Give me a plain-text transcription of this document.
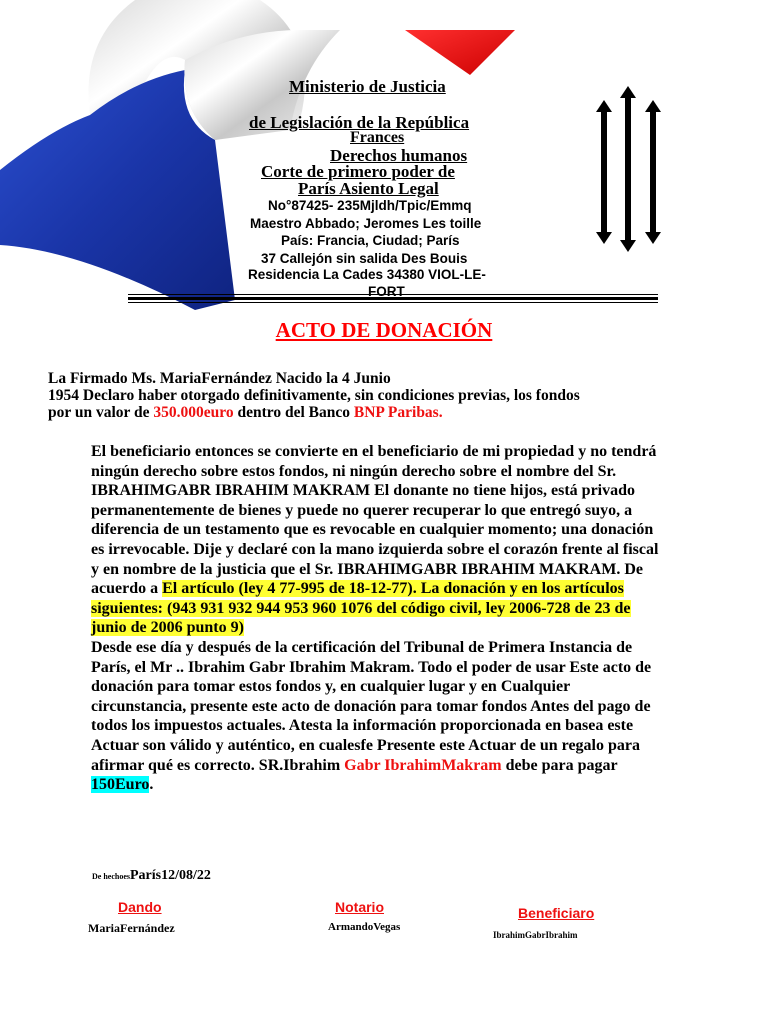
Ministerio de Justicia
de Legislación de la República
Frances
Derechos humanos
Corte de primero poder de
París Asiento Legal
No°87425- 235Mjldh/Tpic/Emmq
Maestro Abbado; Jeromes Les toille
País: Francia, Ciudad; París
37 Callejón sin salida Des Bouis
Residencia La Cades 34380 VIOL-LE-
FORT
ACTO DE DONACIÓN
La Firmado Ms. MariaFernández Nacido la 4 Junio
1954 Declaro haber otorgado definitivamente, sin condiciones previas, los fondos
por un valor de 350.000euro dentro del Banco BNP Paribas.
El beneficiario entonces se convierte en el beneficiario de mi propiedad y no tendrá ningún derecho sobre estos fondos, ni ningún derecho sobre el nombre del Sr. IBRAHIMGABR IBRAHIM MAKRAM El donante no tiene hijos, está privado permanentemente de bienes y puede no querer recuperar lo que entregó suyo, a diferencia de un testamento que es revocable en cualquier momento; una donación es irrevocable. Dije y declaré con la mano izquierda sobre el corazón frente al fiscal y en nombre de la justicia que el Sr. IBRAHIMGABR IBRAHIM MAKRAM. De acuerdo a El artículo (ley 4 77-995 de 18-12-77). La donación y en los artículos siguientes: (943 931 932 944 953 960 1076 del código civil, ley 2006-728 de 23 de junio de 2006 punto 9)
Desde ese día y después de la certificación del Tribunal de Primera Instancia de París, el Mr .. Ibrahim Gabr Ibrahim Makram. Todo el poder de usar Este acto de donación para tomar estos fondos y, en cualquier lugar y en Cualquier circunstancia, presente este acto de donación para tomar fondos Antes del pago de todos los impuestos actuales. Atesta la información proporcionada en basea este Actuar son válido y auténtico, en cualesfe Presente este Actuar de un regalo para afirmar qué es correcto. SR.Ibrahim Gabr IbrahimMakram debe para pagar 150Euro.
De hechoesParís12/08/22
Dando
MariaFernández
Notario
ArmandoVegas
Beneficiaro
IbrahimGabrIbrahim
